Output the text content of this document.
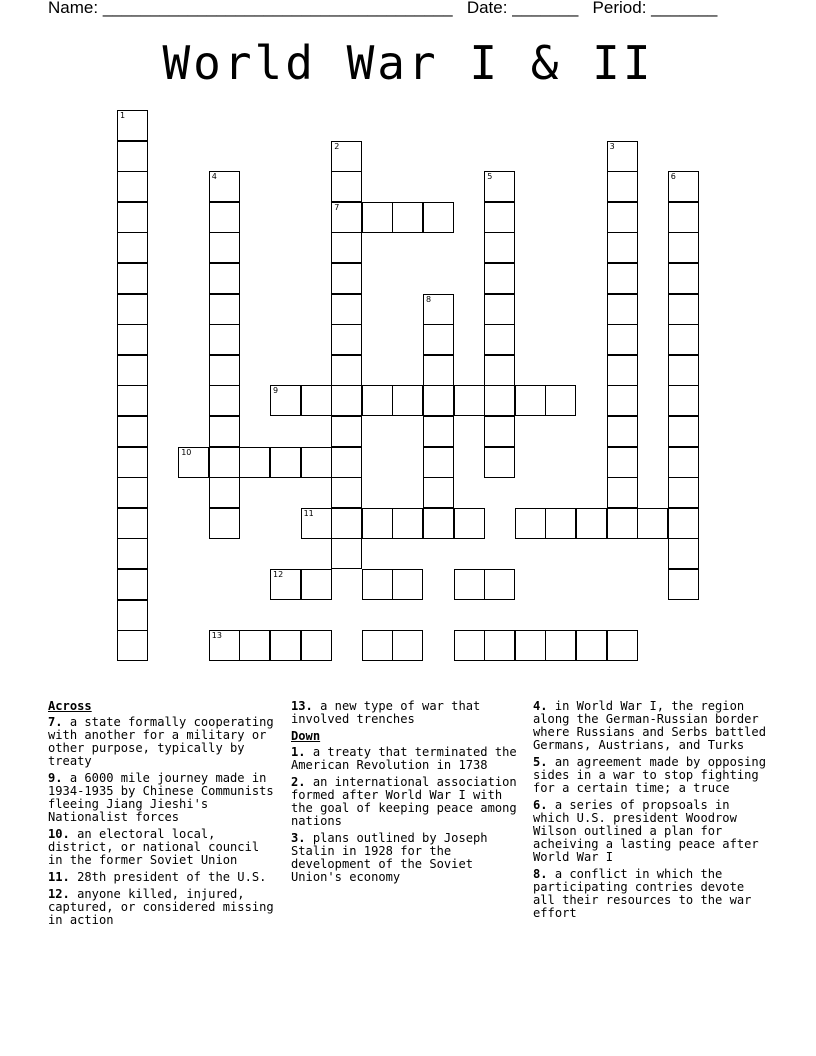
Name: _____________________________________ Date: _______ Period: _______
World War I & II
1
4
2
7
8
5
3
6
9
10
11
12
13
Across
7. a state formally cooperating with another for a military or other purpose, typically by treaty
9. a 6000 mile journey made in 1934-1935 by Chinese Communists fleeing Jiang Jieshi's Nationalist forces
10. an electoral local, district, or national council in the former Soviet Union
11. 28th president of the U.S.
12. anyone killed, injured, captured, or considered missing in action
13. a new type of war that involved trenches
Down
1. a treaty that terminated the American Revolution in 1738
2. an international association formed after World War I with the goal of keeping peace among nations
3. plans outlined by Joseph Stalin in 1928 for the development of the Soviet Union's economy
4. in World War I, the region along the German-Russian border where Russians and Serbs battled Germans, Austrians, and Turks
5. an agreement made by opposing sides in a war to stop fighting for a certain time; a truce
6. a series of propsoals in which U.S. president Woodrow Wilson outlined a plan for acheiving a lasting peace after World War I
8. a conflict in which the participating contries devote all their resources to the war effort
